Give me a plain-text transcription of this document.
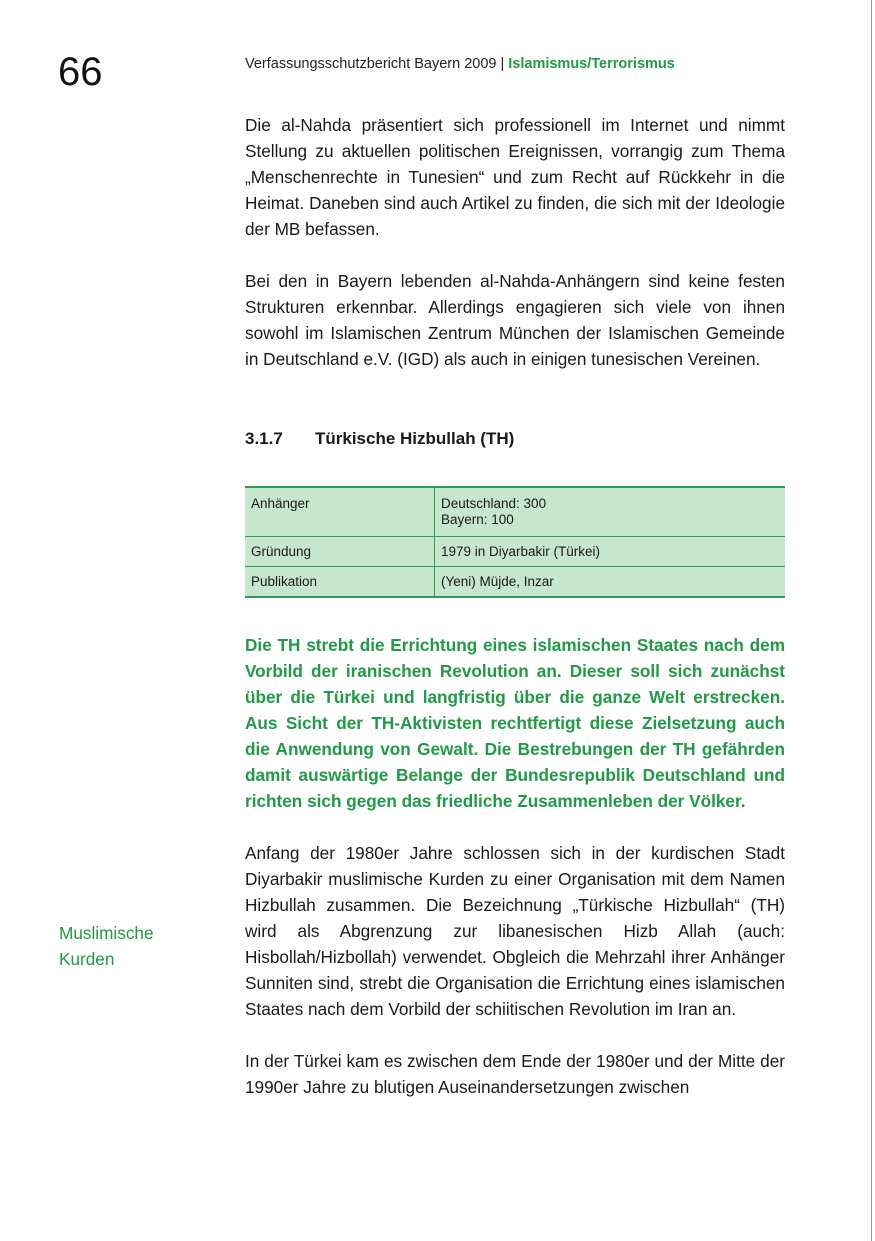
66	Verfassungsschutzbericht Bayern 2009 | Islamismus/Terrorismus
Muslimische
Kurden

Die al-Nahda präsentiert sich professionell im Internet und nimmt Stellung zu aktuellen politischen Ereignissen, vorrangig zum Thema „Menschenrechte in Tunesien“ und zum Recht auf Rückkehr in die Heimat. Daneben sind auch Artikel zu finden, die sich mit der Ideologie der MB befassen.

Bei den in Bayern lebenden al-Nahda-Anhängern sind keine festen Strukturen erkennbar. Allerdings engagieren sich viele von ihnen sowohl im Islamischen Zentrum München der Islamischen Gemeinde in Deutschland e.V. (IGD) als auch in einigen tunesischen Vereinen.

3.1.7 Türkische Hizbullah (TH)
Anhänger	Deutschland: 300
Bayern: 100

Gründung	1979 in Diyarbakir (Türkei)
Publikation	(Yeni) Müjde, Inzar

Die TH strebt die Errichtung eines islamischen Staates nach dem Vorbild der iranischen Revolution an. Dieser soll sich zunächst über die Türkei und langfristig über die ganze Welt erstrecken. Aus Sicht der TH-Aktivisten rechtfertigt diese Zielsetzung auch die Anwendung von Gewalt. Die Bestrebungen der TH gefährden damit auswärtige Belange der Bundesrepublik Deutschland und richten sich gegen das friedliche Zusammenleben der Völker.

Anfang der 1980er Jahre schlossen sich in der kurdischen Stadt Diyarbakir muslimische Kurden zu einer Organisation mit dem Namen Hizbullah zusammen. Die Bezeichnung „Türkische Hizbullah“ (TH) wird als Abgrenzung zur libanesischen Hizb Allah (auch: Hisbollah/Hizbollah) verwendet. Obgleich die Mehrzahl ihrer Anhänger Sunniten sind, strebt die Organisation die Errichtung eines islamischen Staates nach dem Vorbild der schiitischen Revolution im Iran an.

In der Türkei kam es zwischen dem Ende der 1980er und der Mitte der 1990er Jahre zu blutigen Auseinandersetzungen zwischen
